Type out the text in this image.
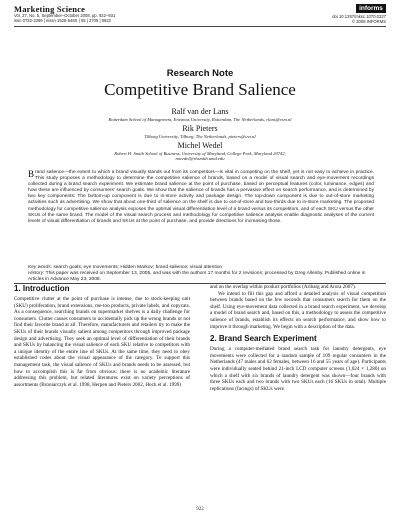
Marketing Science
Vol. 27, No. 5, September–October 2008, pp. 922–931
issn 0732-2399 | eissn 1526-548X | 08 | 2705 | 0922
informs
doi 10.1287/mksc.1070.0327
© 2008 INFORMS
Research Note
Competitive Brand Salience
Ralf van der Lans
Rotterdam School of Management, Erasmus University, Rotterdam, The Netherlands, rlans@rsm.nl
Rik Pieters
Tilburg University, Tilburg, The Netherlands, pieters@uvt.nl
Michel Wedel
Robert H. Smith School of Business, University of Maryland, College Park, Maryland 20742,
mwedel@rhsmith.umd.edu
Brand salience—the extent to which a brand visually stands out from its competitors—is vital in competing on the shelf, yet is not easy to achieve in practice. This study proposes a methodology to determine the competitive salience of brands, based on a model of visual search and eye-movement recordings collected during a brand search experiment. We estimate brand salience at the point of purchase, based on perceptual features (color, luminance, edges) and how these are influenced by consumers' search goals. We show that the salience of brands has a pervasive effect on search performance, and is determined by two key components: The bottom-up component is due to in-store activity and package design. The top-down component is due to out-of-store marketing activities such as advertising. We show that about one-third of salience on the shelf is due to out-of-store and two-thirds due to in-store marketing. The proposed methodology for competitive salience analysis exposes the optimal visual differentiation level of a brand versus its competitors, and of each SKU versus the other SKUs of the same brand. The model of the visual search process and methodology for competitive salience analysis enable diagnostic analyses of the current levels of visual differentiation of brands and SKUs at the point of purchase, and provide directions for increasing those.
Key words: search goals; eye movements; Hidden Markov; brand salience; visual attention
History: This paper was received on September 13, 2005, and was with the authors 17 months for 2 revisions; processed by Greg Allenby. Published online in Articles in Advance May 23, 2008.
1. Introduction

Competitive clutter at the point of purchase is intense, due to stock-keeping unit (SKU) proliferation, brand extensions, me-too products, private labels, and copycats. As a consequence, searching brands on supermarket shelves is a daily challenge for consumers. Clutter causes consumers to accidentally pick up the wrong brands or not find their favorite brand at all. Therefore, manufacturers and retailers try to make the SKUs of their brands visually salient among competitors through improved package design and advertising. They seek an optimal level of differentiation of their brands and SKUs by balancing the visual salience of each SKU relative to competitors with a unique identity of the entire line of SKUs. At the same time, they need to obey established codes about the visual appearance of the category. To support this management task, the visual salience of SKUs and brands needs to be assessed, but how to accomplish this is far from obvious: there is no academic literature addressing this problem, but related literatures exist on variety perceptions of assortments (Broniarczyk et al. 1998, Herpen and Pieters 2002, Hoch et al. 1999)

and on the overlap within product portfolios (Aribarg and Arora 2007).

We intend to fill this gap and afford a detailed analysis of visual competition between brands based on the few seconds that consumers search for them on the shelf. Using eye-movement data collected in a brand search experiment, we develop a model of brand search and, based on this, a methodology to assess the competitive salience of brands, establish its effects on search performance, and show how to improve it through marketing. We begin with a description of the data.

2. Brand Search Experiment

During a computer-mediated brand search task for laundry detergents, eye movements were collected for a random sample of 109 regular consumers in the Netherlands (47 males and 62 females, between 16 and 55 years of age). Participants were individually seated behind 21-inch LCD computer screens (1,024 × 1,280) on which a shelf with six brands of laundry detergent was shown—four brands with three SKUs each and two brands with two SKUs each (16 SKUs in total). Multiple replications (facings) of SKUs were

922
